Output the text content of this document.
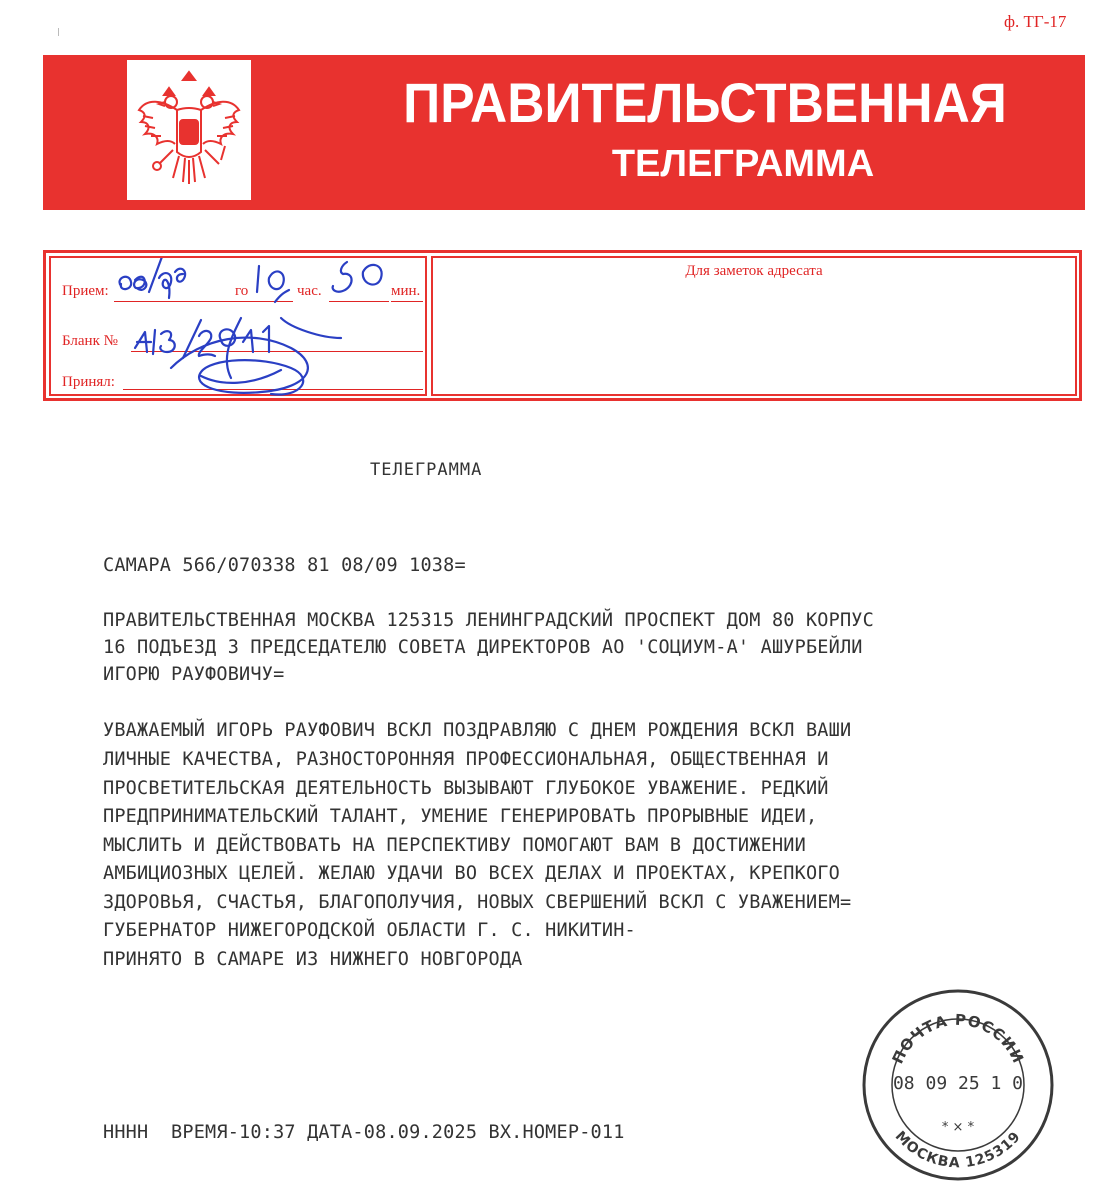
ф. ТГ-17
ПРАВИТЕЛЬСТВЕННАЯ
ТЕЛЕГРАММА
Прием:	го	час.	мин.
Бланк №
Принял:
Для заметок адресата
ТЕЛЕГРАММА
САМАРА 566/070338 81 08/09 1038=
ПРАВИТЕЛЬСТВЕННАЯ МОСКВА 125315 ЛЕНИНГРАДСКИЙ ПРОСПЕКТ ДОМ 80 КОРПУС
16 ПОДЪЕЗД 3 ПРЕДСЕДАТЕЛЮ СОВЕТА ДИРЕКТОРОВ АО 'СОЦИУМ-А' АШУРБЕЙЛИ
ИГОРЮ РАУФОВИЧУ=
УВАЖАЕМЫЙ ИГОРЬ РАУФОВИЧ ВСКЛ ПОЗДРАВЛЯЮ С ДНЕМ РОЖДЕНИЯ ВСКЛ ВАШИ
ЛИЧНЫЕ КАЧЕСТВА, РАЗНОСТОРОННЯЯ ПРОФЕССИОНАЛЬНАЯ, ОБЩЕСТВЕННАЯ И
ПРОСВЕТИТЕЛЬСКАЯ ДЕЯТЕЛЬНОСТЬ ВЫЗЫВАЮТ ГЛУБОКОЕ УВАЖЕНИЕ. РЕДКИЙ
ПРЕДПРИНИМАТЕЛЬСКИЙ ТАЛАНТ, УМЕНИЕ ГЕНЕРИРОВАТЬ ПРОРЫВНЫЕ ИДЕИ,
МЫСЛИТЬ И ДЕЙСТВОВАТЬ НА ПЕРСПЕКТИВУ ПОМОГАЮТ ВАМ В ДОСТИЖЕНИИ
АМБИЦИОЗНЫХ ЦЕЛЕЙ. ЖЕЛАЮ УДАЧИ ВО ВСЕХ ДЕЛАХ И ПРОЕКТАХ, КРЕПКОГО
ЗДОРОВЬЯ, СЧАСТЬЯ, БЛАГОПОЛУЧИЯ, НОВЫХ СВЕРШЕНИЙ ВСКЛ С УВАЖЕНИЕМ=
ГУБЕРНАТОР НИЖЕГОРОДСКОЙ ОБЛАСТИ Г. С. НИКИТИН-
ПРИНЯТО В САМАРЕ ИЗ НИЖНЕГО НОВГОРОДА
НННН  ВРЕМЯ-10:37 ДАТА-08.09.2025 ВХ.НОМЕР-011
ПОЧТА РОССИИ
08 09 25 1 0
* × *
МОСКВА 125319
